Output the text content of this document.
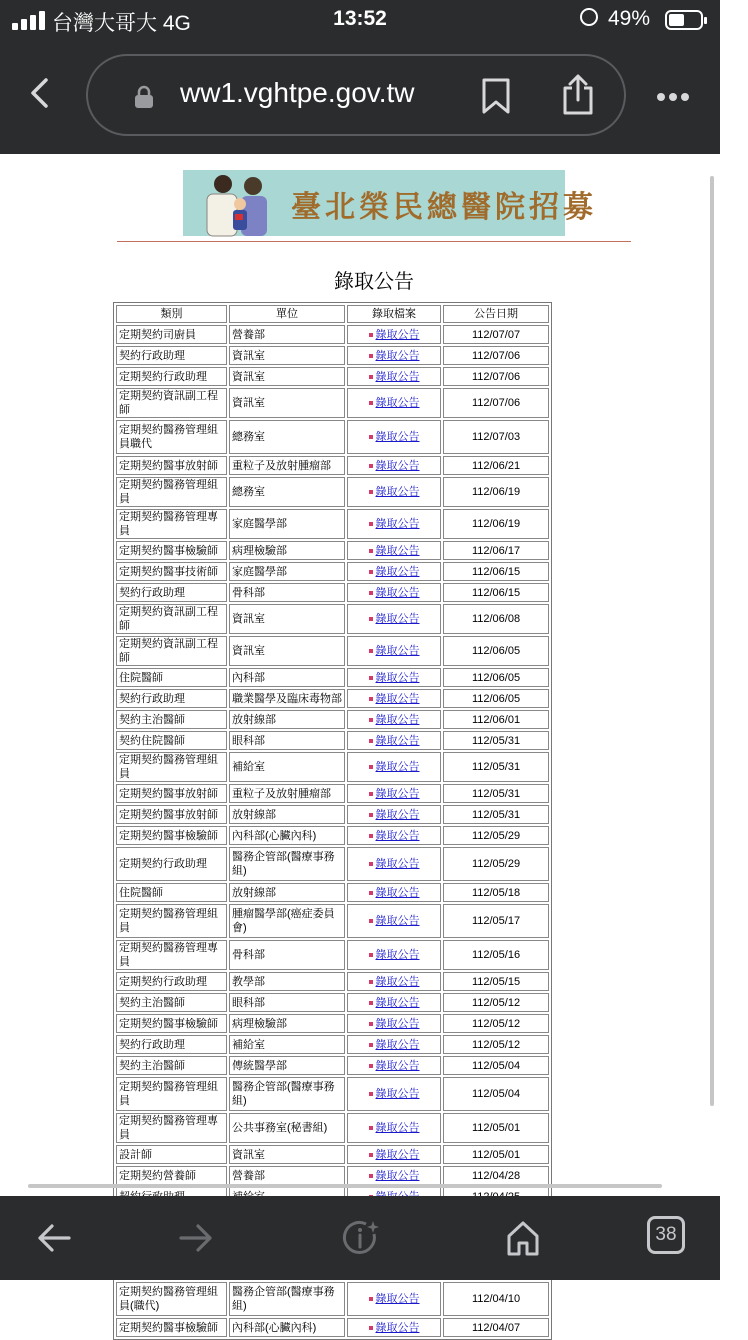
台灣大哥大 4G	13:52	49%
ww1.vghtpe.gov.tw
臺北榮民總醫院招募
錄取公告
類別	單位	錄取檔案	公告日期
定期契約司廚員	營養部	錄取公告	112/07/07
契約行政助理	資訊室	錄取公告	112/07/06
定期契約行政助理	資訊室	錄取公告	112/07/06
定期契約資訊副工程師	資訊室	錄取公告	112/07/06
定期契約醫務管理組員職代	總務室	錄取公告	112/07/03
定期契約醫事放射師	重粒子及放射腫瘤部	錄取公告	112/06/21
定期契約醫務管理組員	總務室	錄取公告	112/06/19
定期契約醫務管理專員	家庭醫學部	錄取公告	112/06/19
定期契約醫事檢驗師	病理檢驗部	錄取公告	112/06/17
定期契約醫事技術師	家庭醫學部	錄取公告	112/06/15
契約行政助理	骨科部	錄取公告	112/06/15
定期契約資訊副工程師	資訊室	錄取公告	112/06/08
定期契約資訊副工程師	資訊室	錄取公告	112/06/05
住院醫師	內科部	錄取公告	112/06/05
契約行政助理	職業醫學及臨床毒物部	錄取公告	112/06/05
契約主治醫師	放射線部	錄取公告	112/06/01
契約住院醫師	眼科部	錄取公告	112/05/31
定期契約醫務管理組員	補給室	錄取公告	112/05/31
定期契約醫事放射師	重粒子及放射腫瘤部	錄取公告	112/05/31
定期契約醫事放射師	放射線部	錄取公告	112/05/31
定期契約醫事檢驗師	內科部(心臟內科)	錄取公告	112/05/29
定期契約行政助理	醫務企管部(醫療事務組)	錄取公告	112/05/29
住院醫師	放射線部	錄取公告	112/05/18
定期契約醫務管理組員	腫瘤醫學部(癌症委員會)	錄取公告	112/05/17
定期契約醫務管理專員	骨科部	錄取公告	112/05/16
定期契約行政助理	教學部	錄取公告	112/05/15
契約主治醫師	眼科部	錄取公告	112/05/12
定期契約醫事檢驗師	病理檢驗部	錄取公告	112/05/12
契約行政助理	補給室	錄取公告	112/05/12
契約主治醫師	傳統醫學部	錄取公告	112/05/04
定期契約醫務管理組員	醫務企管部(醫療事務組)	錄取公告	112/05/04
定期契約醫務管理專員	公共事務室(秘書組)	錄取公告	112/05/01
設計師	資訊室	錄取公告	112/05/01
定期契約營養師	營養部	錄取公告	112/04/28

定期契約醫務管理組員(職代)	醫務企管部(醫療事務組)	錄取公告	112/04/10
定期契約醫事檢驗師	內科部(心臟內科)	錄取公告	112/04/07
38
